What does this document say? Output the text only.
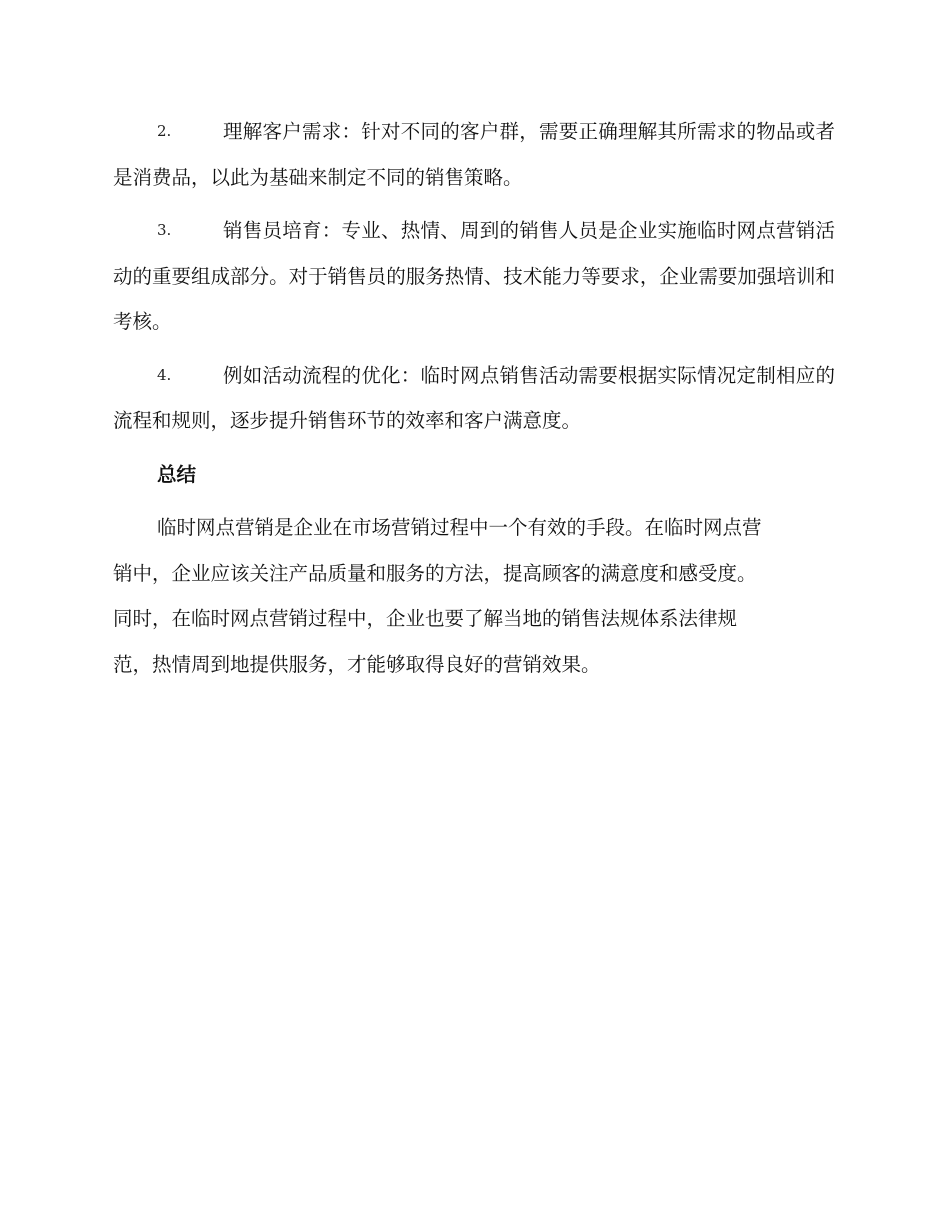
2.	理解客户需求：针对不同的客户群，需要正确理解其所需求的物品或者是消费品，以此为基础来制定不同的销售策略。
3.	销售员培育：专业、热情、周到的销售人员是企业实施临时网点营销活动的重要组成部分。对于销售员的服务热情、技术能力等要求，企业需要加强培训和考核。
4.	例如活动流程的优化：临时网点销售活动需要根据实际情况定制相应的流程和规则，逐步提升销售环节的效率和客户满意度。
总结

临时网点营销是企业在市场营销过程中一个有效的手段。在临时网点营
销中，企业应该关注产品质量和服务的方法，提高顾客的满意度和感受度。
同时，在临时网点营销过程中，企业也要了解当地的销售法规体系法律规
范，热情周到地提供服务，才能够取得良好的营销效果。
